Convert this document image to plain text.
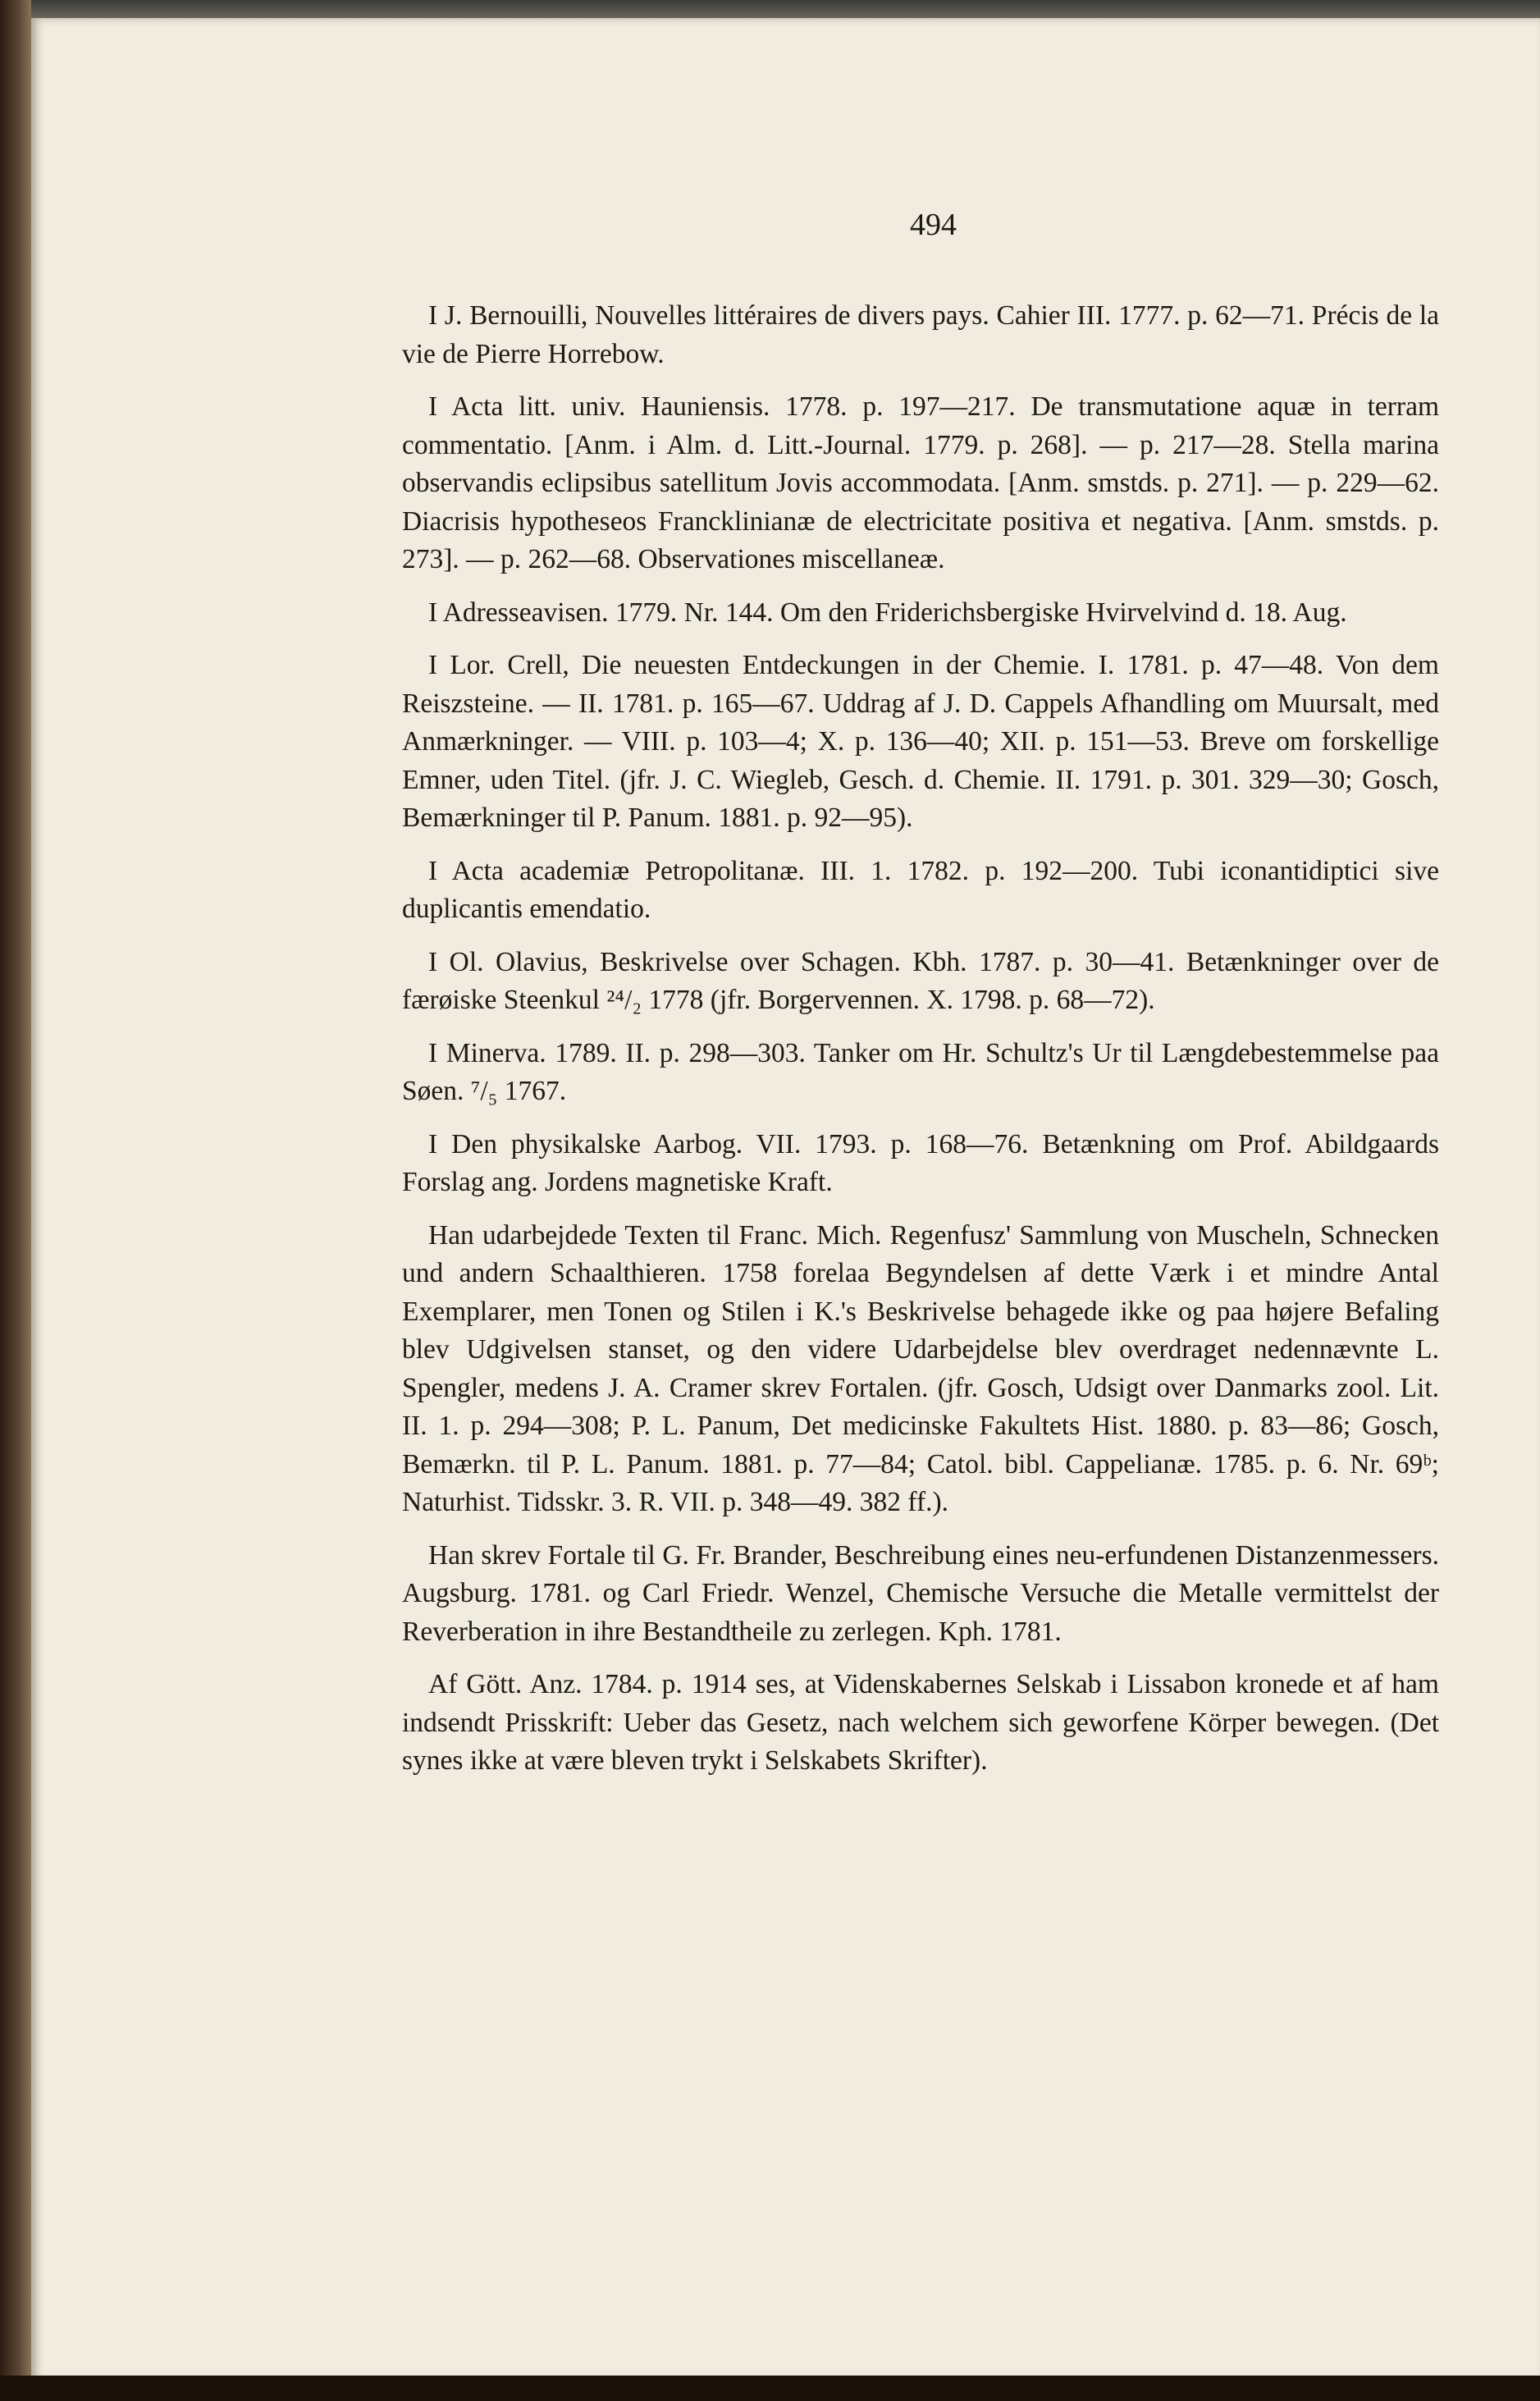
494

I J. Bernouilli, Nouvelles littéraires de divers pays. Cahier III. 1777. p. 62—71. Précis de la vie de Pierre Horrebow.

I Acta litt. univ. Hauniensis. 1778. p. 197—217. De transmutatione aquæ in terram commentatio. [Anm. i Alm. d. Litt.-Journal. 1779. p. 268]. — p. 217—28. Stella marina observandis eclipsibus satellitum Jovis accommodata. [Anm. smstds. p. 271]. — p. 229—62. Diacrisis hypotheseos Francklinianæ de electricitate positiva et negativa. [Anm. smstds. p. 273]. — p. 262—68. Observationes miscellaneæ.

I Adresseavisen. 1779. Nr. 144. Om den Friderichsbergiske Hvirvelvind d. 18. Aug.

I Lor. Crell, Die neuesten Entdeckungen in der Chemie. I. 1781. p. 47—48. Von dem Reiszsteine. — II. 1781. p. 165—67. Uddrag af J. D. Cappels Afhandling om Muursalt, med Anmærkninger. — VIII. p. 103—4; X. p. 136—40; XII. p. 151—53. Breve om forskellige Emner, uden Titel. (jfr. J. C. Wiegleb, Gesch. d. Chemie. II. 1791. p. 301. 329—30; Gosch, Bemærkninger til P. Panum. 1881. p. 92—95).

I Acta academiæ Petropolitanæ. III. 1. 1782. p. 192—200. Tubi iconantidiptici sive duplicantis emendatio.

I Ol. Olavius, Beskrivelse over Schagen. Kbh. 1787. p. 30—41. Betænkninger over de færøiske Steenkul ²⁴/₂ 1778 (jfr. Borgervennen. X. 1798. p. 68—72).

I Minerva. 1789. II. p. 298—303. Tanker om Hr. Schultz's Ur til Længdebestemmelse paa Søen. ⁷/₅ 1767.

I Den physikalske Aarbog. VII. 1793. p. 168—76. Betænkning om Prof. Abildgaards Forslag ang. Jordens magnetiske Kraft.

Han udarbejdede Texten til Franc. Mich. Regenfusz' Sammlung von Muscheln, Schnecken und andern Schaalthieren. 1758 forelaa Begyndelsen af dette Værk i et mindre Antal Exemplarer, men Tonen og Stilen i K.'s Beskrivelse behagede ikke og paa højere Befaling blev Udgivelsen stanset, og den videre Udarbejdelse blev overdraget nedennævnte L. Spengler, medens J. A. Cramer skrev Fortalen. (jfr. Gosch, Udsigt over Danmarks zool. Lit. II. 1. p. 294—308; P. L. Panum, Det medicinske Fakultets Hist. 1880. p. 83—86; Gosch, Bemærkn. til P. L. Panum. 1881. p. 77—84; Catol. bibl. Cappelianæ. 1785. p. 6. Nr. 69ᵇ; Naturhist. Tidsskr. 3. R. VII. p. 348—49. 382 ff.).

Han skrev Fortale til G. Fr. Brander, Beschreibung eines neu-erfundenen Distanzenmessers. Augsburg. 1781. og Carl Friedr. Wenzel, Chemische Versuche die Metalle vermittelst der Reverberation in ihre Bestandtheile zu zerlegen. Kph. 1781.

Af Gött. Anz. 1784. p. 1914 ses, at Videnskabernes Selskab i Lissabon kronede et af ham indsendt Prisskrift: Ueber das Gesetz, nach welchem sich geworfene Körper bewegen. (Det synes ikke at være bleven trykt i Selskabets Skrifter).
